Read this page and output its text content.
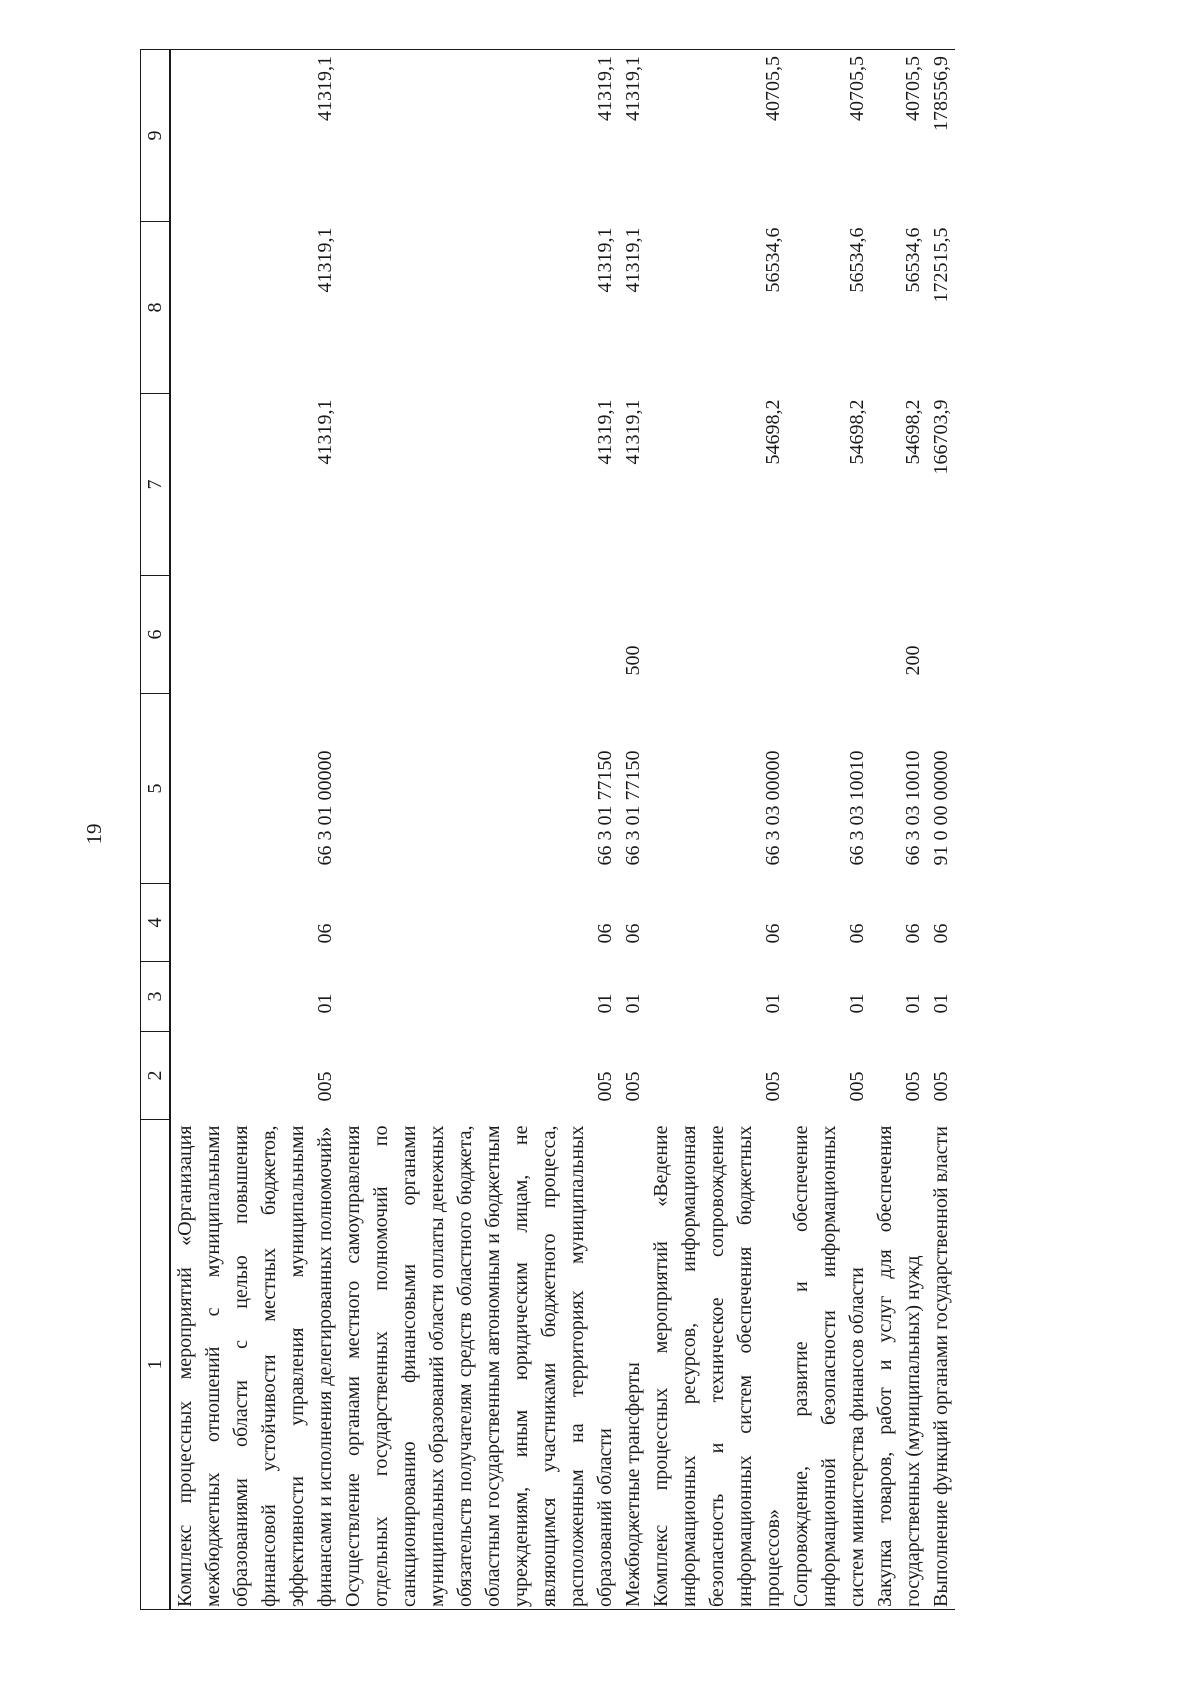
19
1	2	3	4	5	6	7	8	9
Комплекс процессных мероприятий «Организация межбюджетных отношений с муниципальными образованиями области с целью повышения финансовой устойчивости местных бюджетов, эффективности управления муниципальными финансами и исполнения делегированных полномочий»	005	01	06	66 3 01 00000		41319,1	41319,1	41319,1
Осуществление органами местного самоуправления отдельных государственных полномочий по санкционированию финансовыми органами муниципальных образований области оплаты денежных обязательств получателям средств областного бюджета, областным государственным автономным и бюджетным учреждениям, иным юридическим лицам, не являющимся участниками бюджетного процесса, расположенным на территориях муниципальных образований области	005	01	06	66 3 01 77150		41319,1	41319,1	41319,1
Межбюджетные трансферты	005	01	06	66 3 01 77150	500	41319,1	41319,1	41319,1
Комплекс процессных мероприятий «Ведение информационных ресурсов, информационная безопасность и техническое сопровождение информационных систем обеспечения бюджетных процессов»	005	01	06	66 3 03 00000		54698,2	56534,6	40705,5
Сопровождение, развитие и обеспечение информационной безопасности информационных систем министерства финансов области	005	01	06	66 3 03 10010		54698,2	56534,6	40705,5
Закупка товаров, работ и услуг для обеспечения государственных (муниципальных) нужд	005	01	06	66 3 03 10010	200	54698,2	56534,6	40705,5
Выполнение функций органами государственной власти	005	01	06	91 0 00 00000		166703,9	172515,5	178556,9
